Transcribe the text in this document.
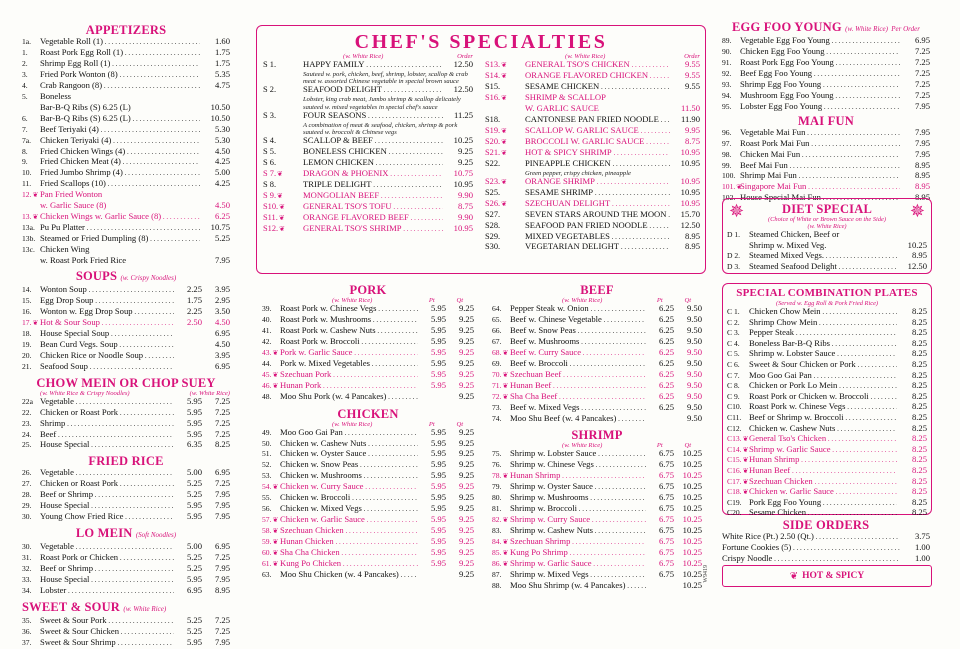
APPETIZERS
1a.	Vegetable Roll (1) . . .	1.60
1.	Roast Pork Egg Roll (1) . . .	1.75
2.	Shrimp Egg Roll (1) . . .	1.75
3.	Fried Pork Wonton (8) . . .	5.35
4.	Crab Rangoon (8) . . .	4.75
5.	Boneless
Bar-B-Q Ribs (S) 6.25 (L)	10.50
6.	Bar-B-Q Ribs (S) 6.25 (L) . . .	10.50
7.	Beef Teriyaki (4) . . .	5.30
7a.	Chicken Teriyaki (4) . . .	5.30
8.	Fried Chicken Wings (4) . . .	4.50
9.	Fried Chicken Meat (4) . . .	4.25
10. Fried Jumbo Shrimp (4) . . .	5.00
11.	Fried Scallops (10) . . .	4.25
12. ❦ Pan Fried Wonton
w. Garlic Sauce (8)	4.50
13. ❦ Chicken Wings w. Garlic Sauce (8) . . .	6.25
13a. Pu Pu Platter . . .	10.75
13b. Steamed or Fried Dumpling (8) . . .	5.25
13c. Chicken Wing
w. Roast Pork Fried Rice	7.95
SOUPS (w. Crispy Noodles)
14. Wonton Soup . . .	2.25	3.95
15. Egg Drop Soup . . .	1.75	2.95
16. Wonton w. Egg Drop Soup . . .	2.25	3.50
17. ❦ Hot & Sour Soup . . .	2.50	4.50
18. House Special Soup . . .	6.95
19. Bean Curd Vegs. Soup . . .	4.50
20. Chicken Rice or Noodle Soup . . .	3.95
21. Seafood Soup . . .	6.95
CHOW MEIN OR CHOP SUEY
(w. White Rice & Crispy Noodles)	(w. White Rice)
22a Vegetable . . .	5.95	7.25
22. Chicken or Roast Pork . . .	5.95	7.25
23. Shrimp . . .	5.95	7.25
24. Beef . . .	5.95	7.25
25. House Special . . .	6.35	8.25
FRIED RICE
26. Vegetable . . .	5.00	6.95
27. Chicken or Roast Pork . . .	5.25	7.25
28. Beef or Shrimp . . .	5.25	7.95
29. House Special . . .	5.95	7.95
30. Young Chow Fried Rice . . .	5.95	7.95
LO MEIN (Soft Noodles)
30. Vegetable . . .	5.00	6.95
31. Roast Pork or Chicken . . .	5.25	7.25
32. Beef or Shrimp . . .	5.25	7.95
33. House Special . . .	5.95	7.95
34. Lobster . . .	6.95	8.95
SWEET & SOUR (w. White Rice)
35. Sweet & Sour Pork . . .	5.25	7.25
36. Sweet & Sour Chicken . . .	5.25	7.25
37. Sweet & Sour Shrimp . . .	5.95	7.95
CHEF'S SPECIALTIES
(w. White Rice)	Order
S 1.	HAPPY FAMILY . . .	12.50
Sauteed w. pork, chicken, beef, shrimp, lobster, scallop & crab meat w. assorted Chinese vegetable in special brown sauce
S 2.	SEAFOOD DELIGHT . . .	12.50
Lobster, king crab meat, Jumbo shrimp & scallop delicately sauteed w. mixed vegetables in special chef's sauce
S 3.	FOUR SEASONS . . .	11.25
A combination of meat & seafood, chicken, shrimp & pork sauteed w. broccoli & Chinese vegs
S 4.	SCALLOP & BEEF . . .	10.25
S 5.	BONELESS CHICKEN . . .	9.25
S 6.	LEMON CHICKEN . . .	9.25
S 7. ❦	DRAGON & PHOENIX . . .	10.75
S 8.	TRIPLE DELIGHT . . .	10.95
S 9. ❦	MONGOLIAN BEEF . . .	9.90
S10. ❦	GENERAL TSO'S TOFU . . .	8.75
S11. ❦	ORANGE FLAVORED BEEF . . .	9.90
S12. ❦	GENERAL TSO'S SHRIMP . . .	10.95
(w. White Rice)	Order
S13. ❦	GENERAL TSO'S CHICKEN . . .	9.55
S14. ❦	ORANGE FLAVORED CHICKEN . . .	9.55
S15.	SESAME CHICKEN . . .	9.55
S16. ❦	SHRIMP & SCALLOP
W. GARLIC SAUCE	11.50
S18.	CANTONESE PAN FRIED NOODLE . . .	11.90
S19. ❦	SCALLOP W. GARLIC SAUCE . . .	9.95
S20. ❦	BROCCOLI W. GARLIC SAUCE . . .	8.75
S21. ❦	HOT & SPICY SHRIMP . . .	10.95
S22.	PINEAPPLE CHICKEN . . .	10.95
Green pepper, crispy chicken, pineapple
S23. ❦	ORANGE SHRIMP . . .	10.95
S25.	SESAME SHRIMP . . .	10.95
S26. ❦	SZECHUAN DELIGHT . . .	10.95
S27.	SEVEN STARS AROUND THE MOON . . .	15.70
S28.	SEAFOOD PAN FRIED NOODLE . . .	12.50
S29.	MIXED VEGETABLES . . .	8.95
S30.	VEGETARIAN DELIGHT . . .	8.95
PORK
(w. White Rice)	Pt	Qt
39. Roast Pork w. Chinese Vegs . . .	5.95	9.25
40. Roast Pork w. Mushrooms . . .	5.95	9.25
41. Roast Pork w. Cashew Nuts . . .	5.95	9.25
42. Roast Pork w. Broccoli . . .	5.95	9.25
43. ❦ Pork w. Garlic Sauce . . .	5.95	9.25
44. Pork w. Mixed Vegetables . . .	5.95	9.25
45. ❦ Szechuan Pork . . .	5.95	9.25
46. ❦ Hunan Pork . . .	5.95	9.25
48. Moo Shu Pork (w. 4 Pancakes) . . .	9.25
CHICKEN
(w. White Rice)	Pt	Qt
49. Moo Goo Gai Pan . . .	5.95	9.25
50. Chicken w. Cashew Nuts . . .	5.95	9.25
51. Chicken w. Oyster Sauce . . .	5.95	9.25
52. Chicken w. Snow Peas . . .	5.95	9.25
53. Chicken w. Mushrooms . . .	5.95	9.25
54. ❦ Chicken w. Curry Sauce . . .	5.95	9.25
55. Chicken w. Broccoli . . .	5.95	9.25
56. Chicken w. Mixed Vegs . . .	5.95	9.25
57. ❦ Chicken w. Garlic Sauce . . .	5.95	9.25
58. ❦ Szechuan Chicken . . .	5.95	9.25
59. ❦ Hunan Chicken . . .	5.95	9.25
60. ❦ Sha Cha Chicken . . .	5.95	9.25
61. ❦ Kung Po Chicken . . .	5.95	9.25
63. Moo Shu Chicken (w. 4 Pancakes) . . .	9.25
BEEF
(w. White Rice)	Pt	Qt
64. Pepper Steak w. Onion . . .	6.25	9.50
65. Beef w. Chinese Vegetable . . .	6.25	9.50
66. Beef w. Snow Peas . . .	6.25	9.50
67. Beef w. Mushrooms . . .	6.25	9.50
68. ❦ Beef w. Curry Sauce . . .	6.25	9.50
69. Beef w. Broccoli . . .	6.25	9.50
70. ❦ Szechuan Beef . . .	6.25	9.50
71. ❦ Hunan Beef . . .	6.25	9.50
72. ❦ Sha Cha Beef . . .	6.25	9.50
73. Beef w. Mixed Vegs . . .	6.25	9.50
74. Moo Shu Beef (w. 4 Pancakes) . . .	9.50
SHRIMP
(w. White Rice)	Pt	Qt
75. Shrimp w. Lobster Sauce . . .	6.75	10.25
76. Shrimp w. Chinese Vegs . . .	6.75	10.25
78. ❦ Hunan Shrimp . . .	6.75	10.25
79. Shrimp w. Oyster Sauce . . .	6.75	10.25
80. Shrimp w. Mushrooms . . .	6.75	10.25
81. Shrimp w. Broccoli . . .	6.75	10.25
82. ❦ Shrimp w. Curry Sauce . . .	6.75	10.25
83. Shrimp w. Cashew Nuts . . .	6.75	10.25
84. ❦ Szechuan Shrimp . . .	6.75	10.25
85. ❦ Kung Po Shrimp . . .	6.75	10.25
86. ❦ Shrimp w. Garlic Sauce . . .	6.75	10.25
87. Shrimp w. Mixed Vegs . . .	6.75	10.25
88. Moo Shu Shrimp (w. 4 Pancakes) . . .	10.25
W9419
EGG FOO YOUNG (w. White Rice) Per Order
89. Vegetable Egg Foo Young . . .	6.95
90. Chicken Egg Foo Young . . .	7.25
91. Roast Pork Egg Foo Young . . .	7.25
92. Beef Egg Foo Young . . .	7.25
93. Shrimp Egg Foo Young . . .	7.25
94. Mushroom Egg Foo Young . . .	7.25
95. Lobster Egg Foo Young . . .	7.95
MAI FUN
96. Vegetable Mai Fun . . .	7.95
97. Roast Pork Mai Fun . . .	7.95
98. Chicken Mai Fun . . .	7.95
99. Beef Mai Fun . . .	8.95
100. Shrimp Mai Fun . . .	8.95
101. ❦ Singapore Mai Fun . . .	8.95
102. House Special Mai Fun . . .	8.95
✵	✵
DIET SPECIAL
(Choice of White or Brown Sauce on the Side)
(w. White Rice)
D 1.	Steamed Chicken, Beef or
Shrimp w. Mixed Veg.	10.25
D 2.	Steamed Mixed Vegs. . . .	8.95
D 3.	Steamed Seafood Delight . . .	12.50
SPECIAL COMBINATION PLATES
(Served w. Egg Roll & Pork Fried Rice)
C 1.	Chicken Chow Mein . . .	8.25
C 2.	Shrimp Chow Mein . . .	8.25
C 3.	Pepper Steak . . .	8.25
C 4.	Boneless Bar-B-Q Ribs . . .	8.25
C 5.	Shrimp w. Lobster Sauce . . .	8.25
C 6.	Sweet & Sour Chicken or Pork . . .	8.25
C 7.	Moo Goo Gai Pan . . .	8.25
C 8.	Chicken or Pork Lo Mein . . .	8.25
C 9.	Roast Pork or Chicken w. Broccoli . . .	8.25
C10. Roast Pork w. Chinese Vegs . . .	8.25
C11. Beef or Shrimp w. Broccoli . . .	8.25
C12. Chicken w. Cashew Nuts . . .	8.25
C13. ❦ General Tso's Chicken . . .	8.25
C14. ❦ Shrimp w. Garlic Sauce . . .	8.25
C15. ❦ Hunan Shrimp . . .	8.25
C16. ❦ Hunan Beef . . .	8.25
C17. ❦ Szechuan Chicken . . .	8.25
C18. ❦ Chicken w. Garlic Sauce . . .	8.25
C19. Pork Egg Foo Young . . .	8.25
C20. Sesame Chicken . . .	8.25
SIDE ORDERS
White Rice (Pt.) 2.50 (Qt.) . . .	3.75
Fortune Cookies (5) . . .	1.00
Crispy Noodle . . .	1.00
❦ HOT & SPICY
